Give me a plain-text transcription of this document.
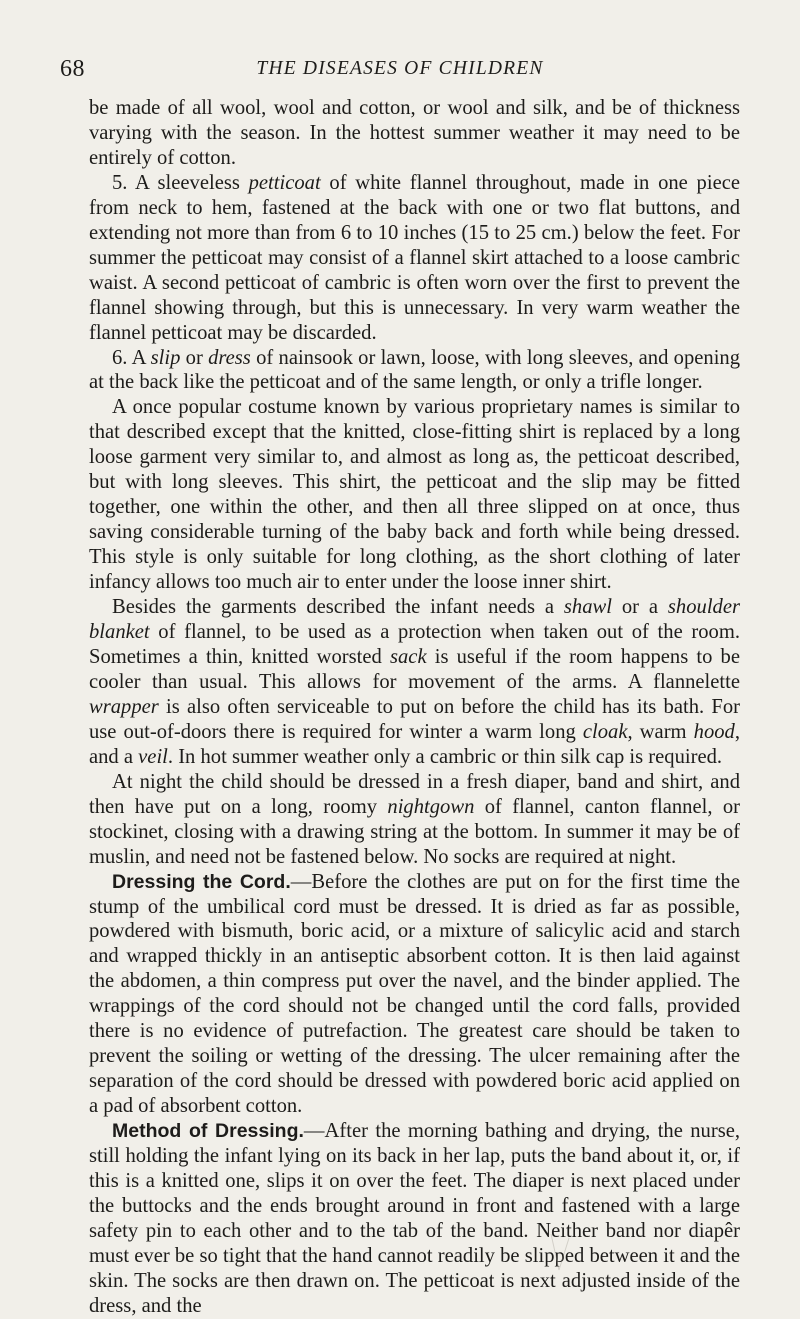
68	THE DISEASES OF CHILDREN

be made of all wool, wool and cotton, or wool and silk, and be of thickness varying with the season. In the hottest summer weather it may need to be entirely of cotton.

5. A sleeveless petticoat of white flannel throughout, made in one piece from neck to hem, fastened at the back with one or two flat buttons, and extending not more than from 6 to 10 inches (15 to 25 cm.) below the feet. For summer the petticoat may consist of a flannel skirt attached to a loose cambric waist. A second petticoat of cambric is often worn over the first to prevent the flannel showing through, but this is unnecessary. In very warm weather the flannel petticoat may be discarded.

6. A slip or dress of nainsook or lawn, loose, with long sleeves, and opening at the back like the petticoat and of the same length, or only a trifle longer.

A once popular costume known by various proprietary names is similar to that described except that the knitted, close-fitting shirt is replaced by a long loose garment very similar to, and almost as long as, the petticoat described, but with long sleeves. This shirt, the petticoat and the slip may be fitted together, one within the other, and then all three slipped on at once, thus saving considerable turning of the baby back and forth while being dressed. This style is only suitable for long clothing, as the short clothing of later infancy allows too much air to enter under the loose inner shirt.

Besides the garments described the infant needs a shawl or a shoulder blanket of flannel, to be used as a protection when taken out of the room. Sometimes a thin, knitted worsted sack is useful if the room happens to be cooler than usual. This allows for movement of the arms. A flannelette wrapper is also often serviceable to put on before the child has its bath. For use out-of-doors there is required for winter a warm long cloak, warm hood, and a veil. In hot summer weather only a cambric or thin silk cap is required.

At night the child should be dressed in a fresh diaper, band and shirt, and then have put on a long, roomy nightgown of flannel, canton flannel, or stockinet, closing with a drawing string at the bottom. In summer it may be of muslin, and need not be fastened below. No socks are required at night.

Dressing the Cord.—Before the clothes are put on for the first time the stump of the umbilical cord must be dressed. It is dried as far as possible, powdered with bismuth, boric acid, or a mixture of salicylic acid and starch and wrapped thickly in an antiseptic absorbent cotton. It is then laid against the abdomen, a thin compress put over the navel, and the binder applied. The wrappings of the cord should not be changed until the cord falls, provided there is no evidence of putrefaction. The greatest care should be taken to prevent the soiling or wetting of the dressing. The ulcer remaining after the separation of the cord should be dressed with powdered boric acid applied on a pad of absorbent cotton.

Method of Dressing.—After the morning bathing and drying, the nurse, still holding the infant lying on its back in her lap, puts the band about it, or, if this is a knitted one, slips it on over the feet. The diaper is next placed under the buttocks and the ends brought around in front and fastened with a large safety pin to each other and to the tab of the band. Neither band nor diapêr must ever be so tight that the hand cannot readily be slipped between it and the skin. The socks are then drawn on. The petticoat is next adjusted inside of the dress, and the
